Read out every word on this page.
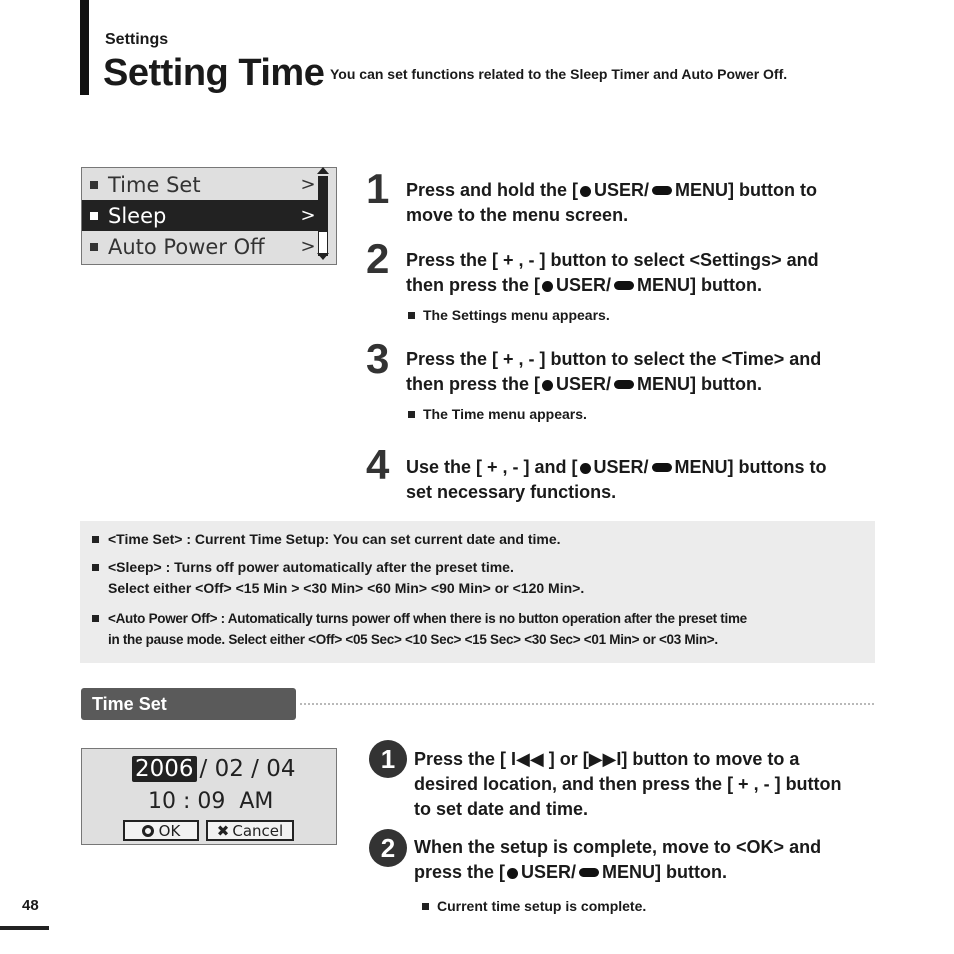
Settings
Setting Time You can set functions related to the Sleep Timer and Auto Power Off.
Time Set	>
Sleep	>
Auto Power Off	>
1 Press and hold the [ USER/ MENU] button to
move to the menu screen.
2 Press the [ + , - ] button to select <Settings> and
then press the [ USER/ MENU] button.
The Settings menu appears.
3 Press the [ + , - ] button to select the <Time> and
then press the [ USER/ MENU] button.
The Time menu appears.
4 Use the [ + , - ] and [ USER/ MENU] buttons to
set necessary functions.
<Time Set> : Current Time Setup: You can set current date and time.
<Sleep> : Turns off power automatically after the preset time.
Select either <Off> <15 Min > <30 Min> <60 Min> <90 Min> or <120 Min>.
<Auto Power Off> : Automatically turns power off when there is no button operation after the preset time
in the pause mode. Select either <Off> <05 Sec> <10 Sec> <15 Sec> <30 Sec> <01 Min> or <03 Min>.
Time Set
2006 / 02 / 04
10 : 09  AM
OK ✖ Cancel
1	Press the [ I◀◀ ] or [▶▶I] button to move to a
desired location, and then press the [ + , - ] button
to set date and time.
2	When the setup is complete, move to <OK> and
press the [ USER/ MENU] button.
Current time setup is complete.
48
